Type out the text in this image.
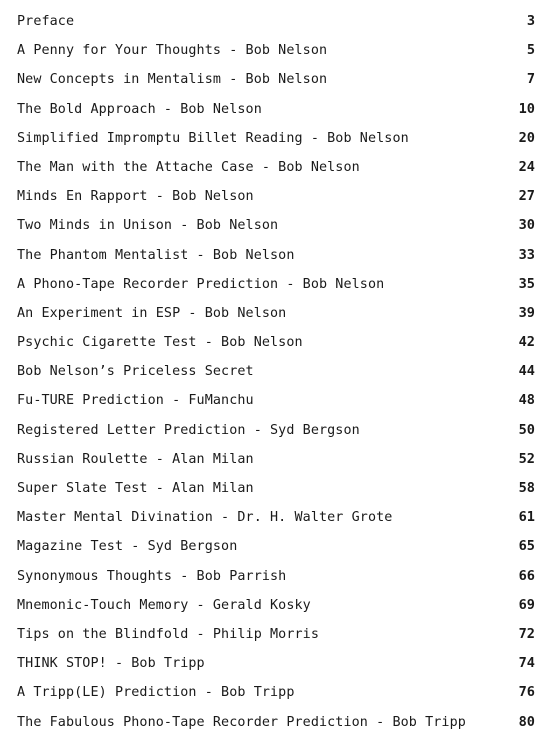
Preface	3
A Penny for Your Thoughts - Bob Nelson	5
New Concepts in Mentalism - Bob Nelson	7
The Bold Approach - Bob Nelson	10
Simplified Impromptu Billet Reading - Bob Nelson	20
The Man with the Attache Case - Bob Nelson	24
Minds En Rapport - Bob Nelson	27
Two Minds in Unison - Bob Nelson	30
The Phantom Mentalist - Bob Nelson	33
A Phono-Tape Recorder Prediction - Bob Nelson	35
An Experiment in ESP - Bob Nelson	39
Psychic Cigarette Test - Bob Nelson	42
Bob Nelson’s Priceless Secret	44
Fu-TURE Prediction - FuManchu	48
Registered Letter Prediction - Syd Bergson	50
Russian Roulette - Alan Milan	52
Super Slate Test - Alan Milan	58
Master Mental Divination - Dr. H. Walter Grote	61
Magazine Test - Syd Bergson	65
Synonymous Thoughts - Bob Parrish	66
Mnemonic-Touch Memory - Gerald Kosky	69
Tips on the Blindfold - Philip Morris	72
THINK STOP! - Bob Tripp	74
A Tripp(LE) Prediction - Bob Tripp	76
The Fabulous Phono-Tape Recorder Prediction - Bob Tripp	80
